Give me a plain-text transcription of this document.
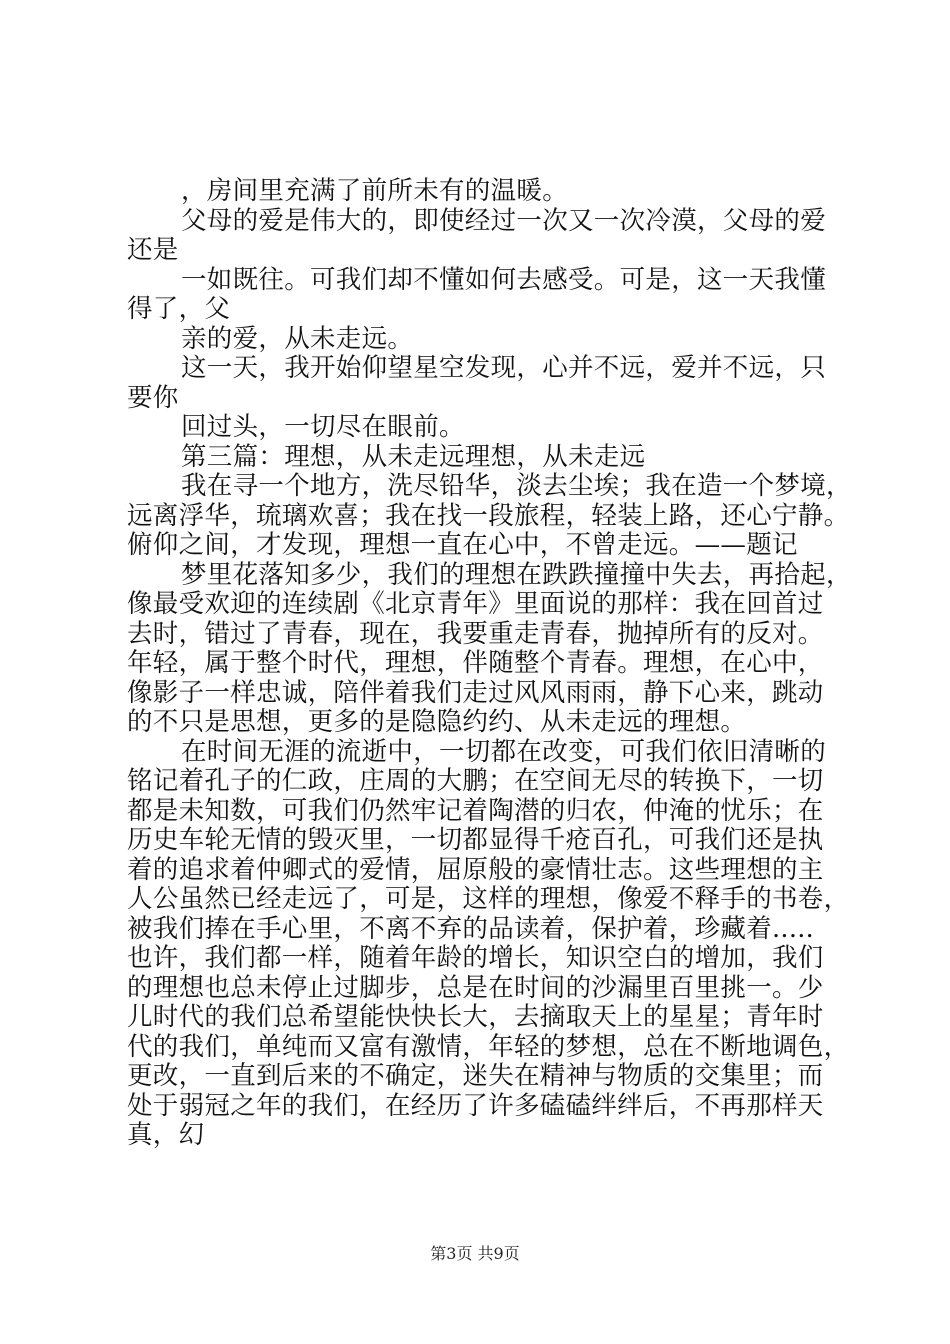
，房间里充满了前所未有的温暖。
父母的爱是伟大的，即使经过一次又一次冷漠，父母的爱
还是
一如既往。可我们却不懂如何去感受。可是，这一天我懂
得了，父
亲的爱，从未走远。
这一天，我开始仰望星空发现，心并不远，爱并不远，只
要你
回过头，一切尽在眼前。
第三篇：理想，从未走远理想，从未走远
我在寻一个地方，洗尽铅华，淡去尘埃；我在造一个梦境，
远离浮华，琉璃欢喜；我在找一段旅程，轻装上路，还心宁静。
俯仰之间，才发现，理想一直在心中，不曾走远。——题记
梦里花落知多少，我们的理想在跌跌撞撞中失去，再拾起，
像最受欢迎的连续剧《北京青年》里面说的那样：我在回首过
去时，错过了青春，现在，我要重走青春，抛掉所有的反对。
年轻，属于整个时代，理想，伴随整个青春。理想，在心中，
像影子一样忠诚，陪伴着我们走过风风雨雨，静下心来，跳动
的不只是思想，更多的是隐隐约约、从未走远的理想。
在时间无涯的流逝中，一切都在改变，可我们依旧清晰的
铭记着孔子的仁政，庄周的大鹏；在空间无尽的转换下，一切
都是未知数，可我们仍然牢记着陶潜的归农，仲淹的忧乐；在
历史车轮无情的毁灭里，一切都显得千疮百孔，可我们还是执
着的追求着仲卿式的爱情，屈原般的豪情壮志。这些理想的主
人公虽然已经走远了，可是，这样的理想，像爱不释手的书卷，
被我们捧在手心里，不离不弃的品读着，保护着，珍藏着.....
也许，我们都一样，随着年龄的增长，知识空白的增加，我们
的理想也总未停止过脚步，总是在时间的沙漏里百里挑一。少
儿时代的我们总希望能快快长大，去摘取天上的星星；青年时
代的我们，单纯而又富有激情，年轻的梦想，总在不断地调色，
更改，一直到后来的不确定，迷失在精神与物质的交集里；而
处于弱冠之年的我们，在经历了许多磕磕绊绊后，不再那样天
真，幻
第3页 共9页
